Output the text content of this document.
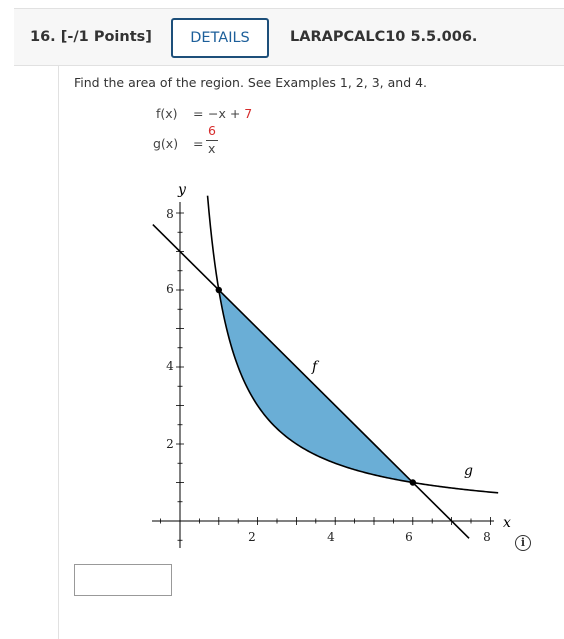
16. [-/1 Points]	DETAILS	LARAPCALC10 5.5.006.
Find the area of the region. See Examples 1, 2, 3, and 4.
f(x) = −x + 7
g(x) =
6
x
y
x
f
g
2	4	6	8
2
4
6
8
i
